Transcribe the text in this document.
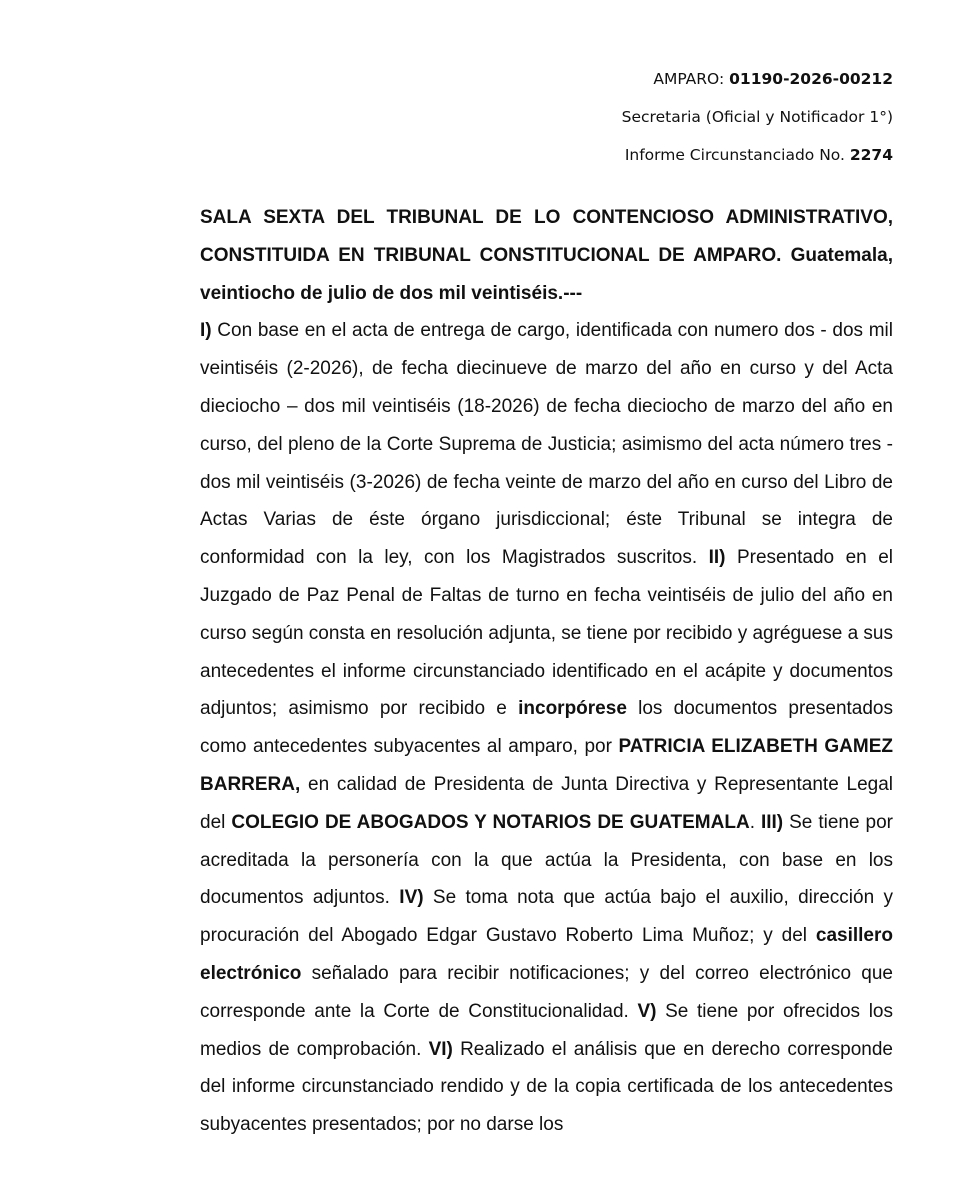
AMPARO: 01190-2026-00212
Secretaria (Oficial y Notificador 1°)
Informe Circunstanciado No. 2274
SALA SEXTA DEL TRIBUNAL DE LO CONTENCIOSO ADMINISTRATIVO, CONSTITUIDA EN TRIBUNAL CONSTITUCIONAL DE AMPARO. Guatemala, veintiocho de julio de dos mil veintiséis.---
I) Con base en el acta de entrega de cargo, identificada con numero dos - dos mil veintiséis (2-2026), de fecha diecinueve de marzo del año en curso y del Acta dieciocho – dos mil veintiséis (18-2026) de fecha dieciocho de marzo del año en curso, del pleno de la Corte Suprema de Justicia; asimismo del acta número tres - dos mil veintiséis (3-2026) de fecha veinte de marzo del año en curso del Libro de Actas Varias de éste órgano jurisdiccional; éste Tribunal se integra de conformidad con la ley, con los Magistrados suscritos. II) Presentado en el Juzgado de Paz Penal de Faltas de turno en fecha veintiséis de julio del año en curso según consta en resolución adjunta, se tiene por recibido y agréguese a sus antecedentes el informe circunstanciado identificado en el acápite y documentos adjuntos; asimismo por recibido e incorpórese los documentos presentados como antecedentes subyacentes al amparo, por PATRICIA ELIZABETH GAMEZ BARRERA, en calidad de Presidenta de Junta Directiva y Representante Legal del COLEGIO DE ABOGADOS Y NOTARIOS DE GUATEMALA. III) Se tiene por acreditada la personería con la que actúa la Presidenta, con base en los documentos adjuntos. IV) Se toma nota que actúa bajo el auxilio, dirección y procuración del Abogado Edgar Gustavo Roberto Lima Muñoz; y del casillero electrónico señalado para recibir notificaciones; y del correo electrónico que corresponde ante la Corte de Constitucionalidad. V) Se tiene por ofrecidos los medios de comprobación. VI) Realizado el análisis que en derecho corresponde del informe circunstanciado rendido y de la copia certificada de los antecedentes subyacentes presentados; por no darse los
